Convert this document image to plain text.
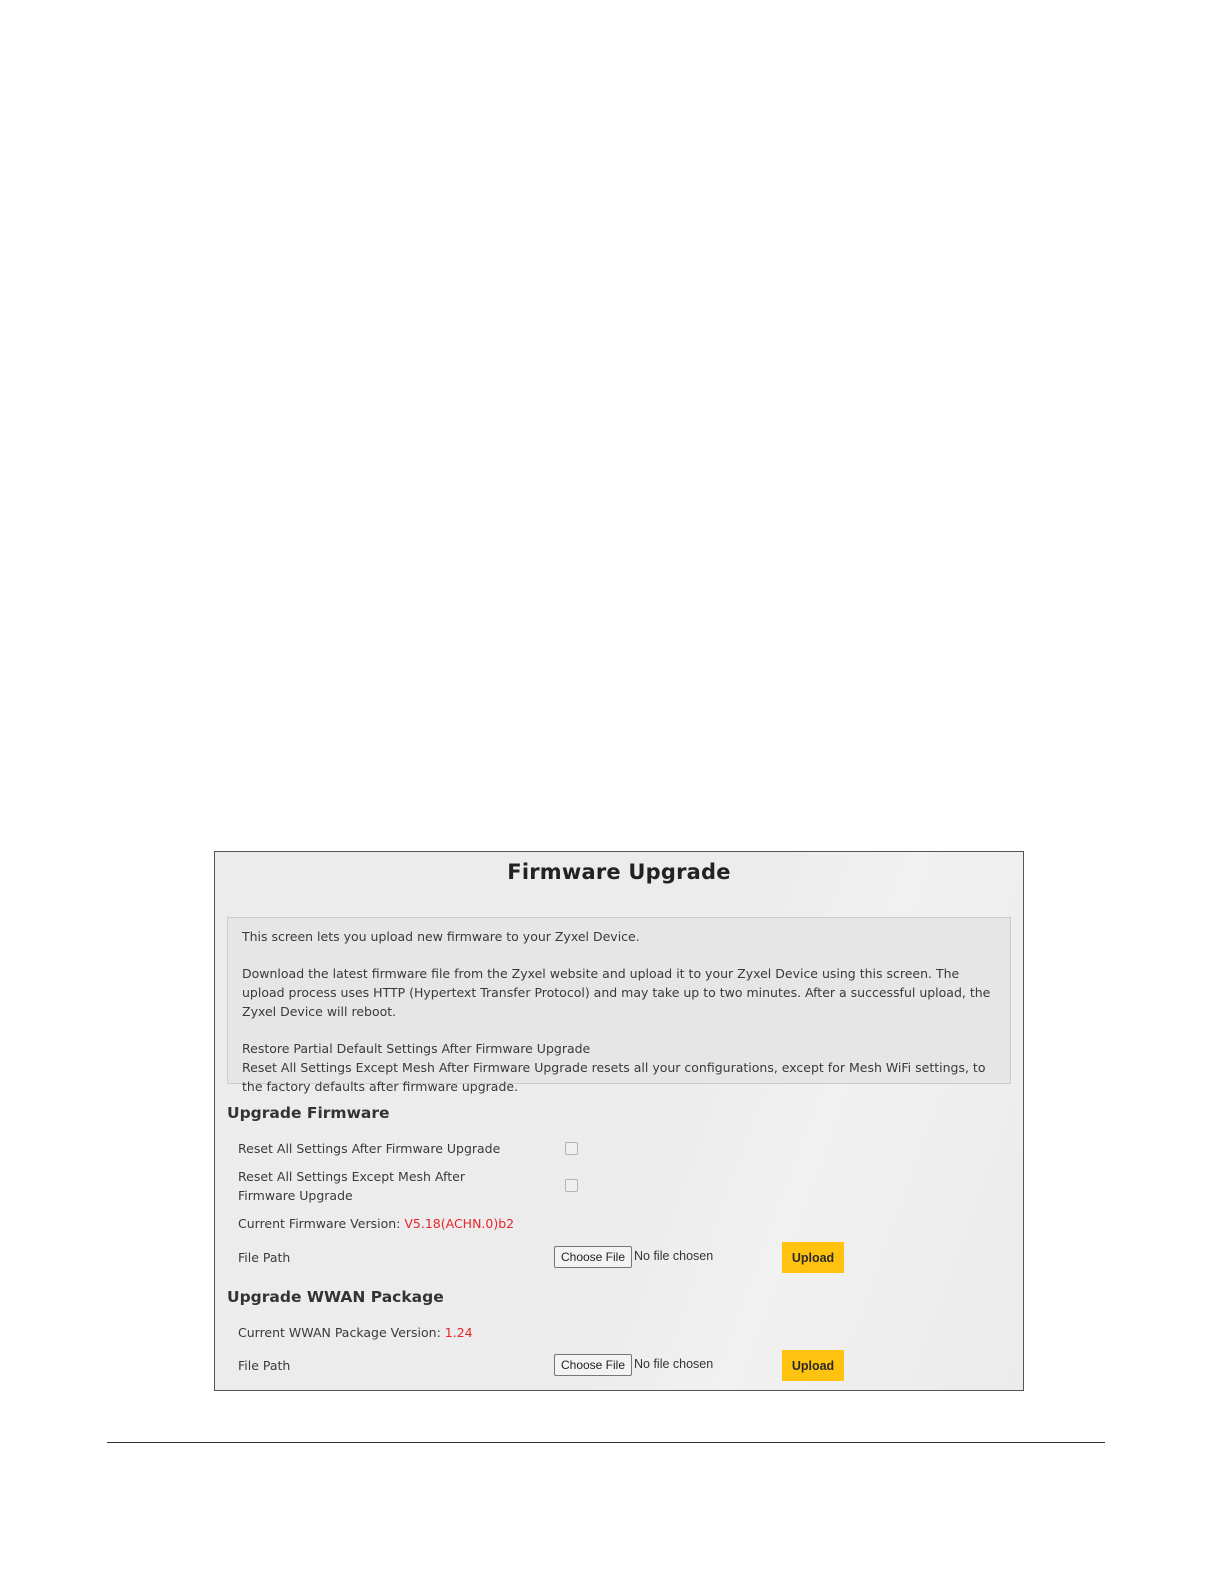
Firmware Upgrade

This screen lets you upload new firmware to your Zyxel Device.

Download the latest firmware file from the Zyxel website and upload it to your Zyxel Device using this screen. The upload process uses HTTP (Hypertext Transfer Protocol) and may take up to two minutes. After a successful upload, the Zyxel Device will reboot.

Restore Partial Default Settings After Firmware Upgrade

Reset All Settings Except Mesh After Firmware Upgrade resets all your configurations, except for Mesh WiFi settings, to the factory defaults after firmware upgrade.

Upgrade Firmware
Reset All Settings After Firmware Upgrade
Reset All Settings Except Mesh After Firmware Upgrade
Current Firmware Version: V5.18(ACHN.0)b2
File Path	Choose File No file chosen	Upload
Upgrade WWAN Package
Current WWAN Package Version: 1.24
File Path	Choose File No file chosen	Upload
